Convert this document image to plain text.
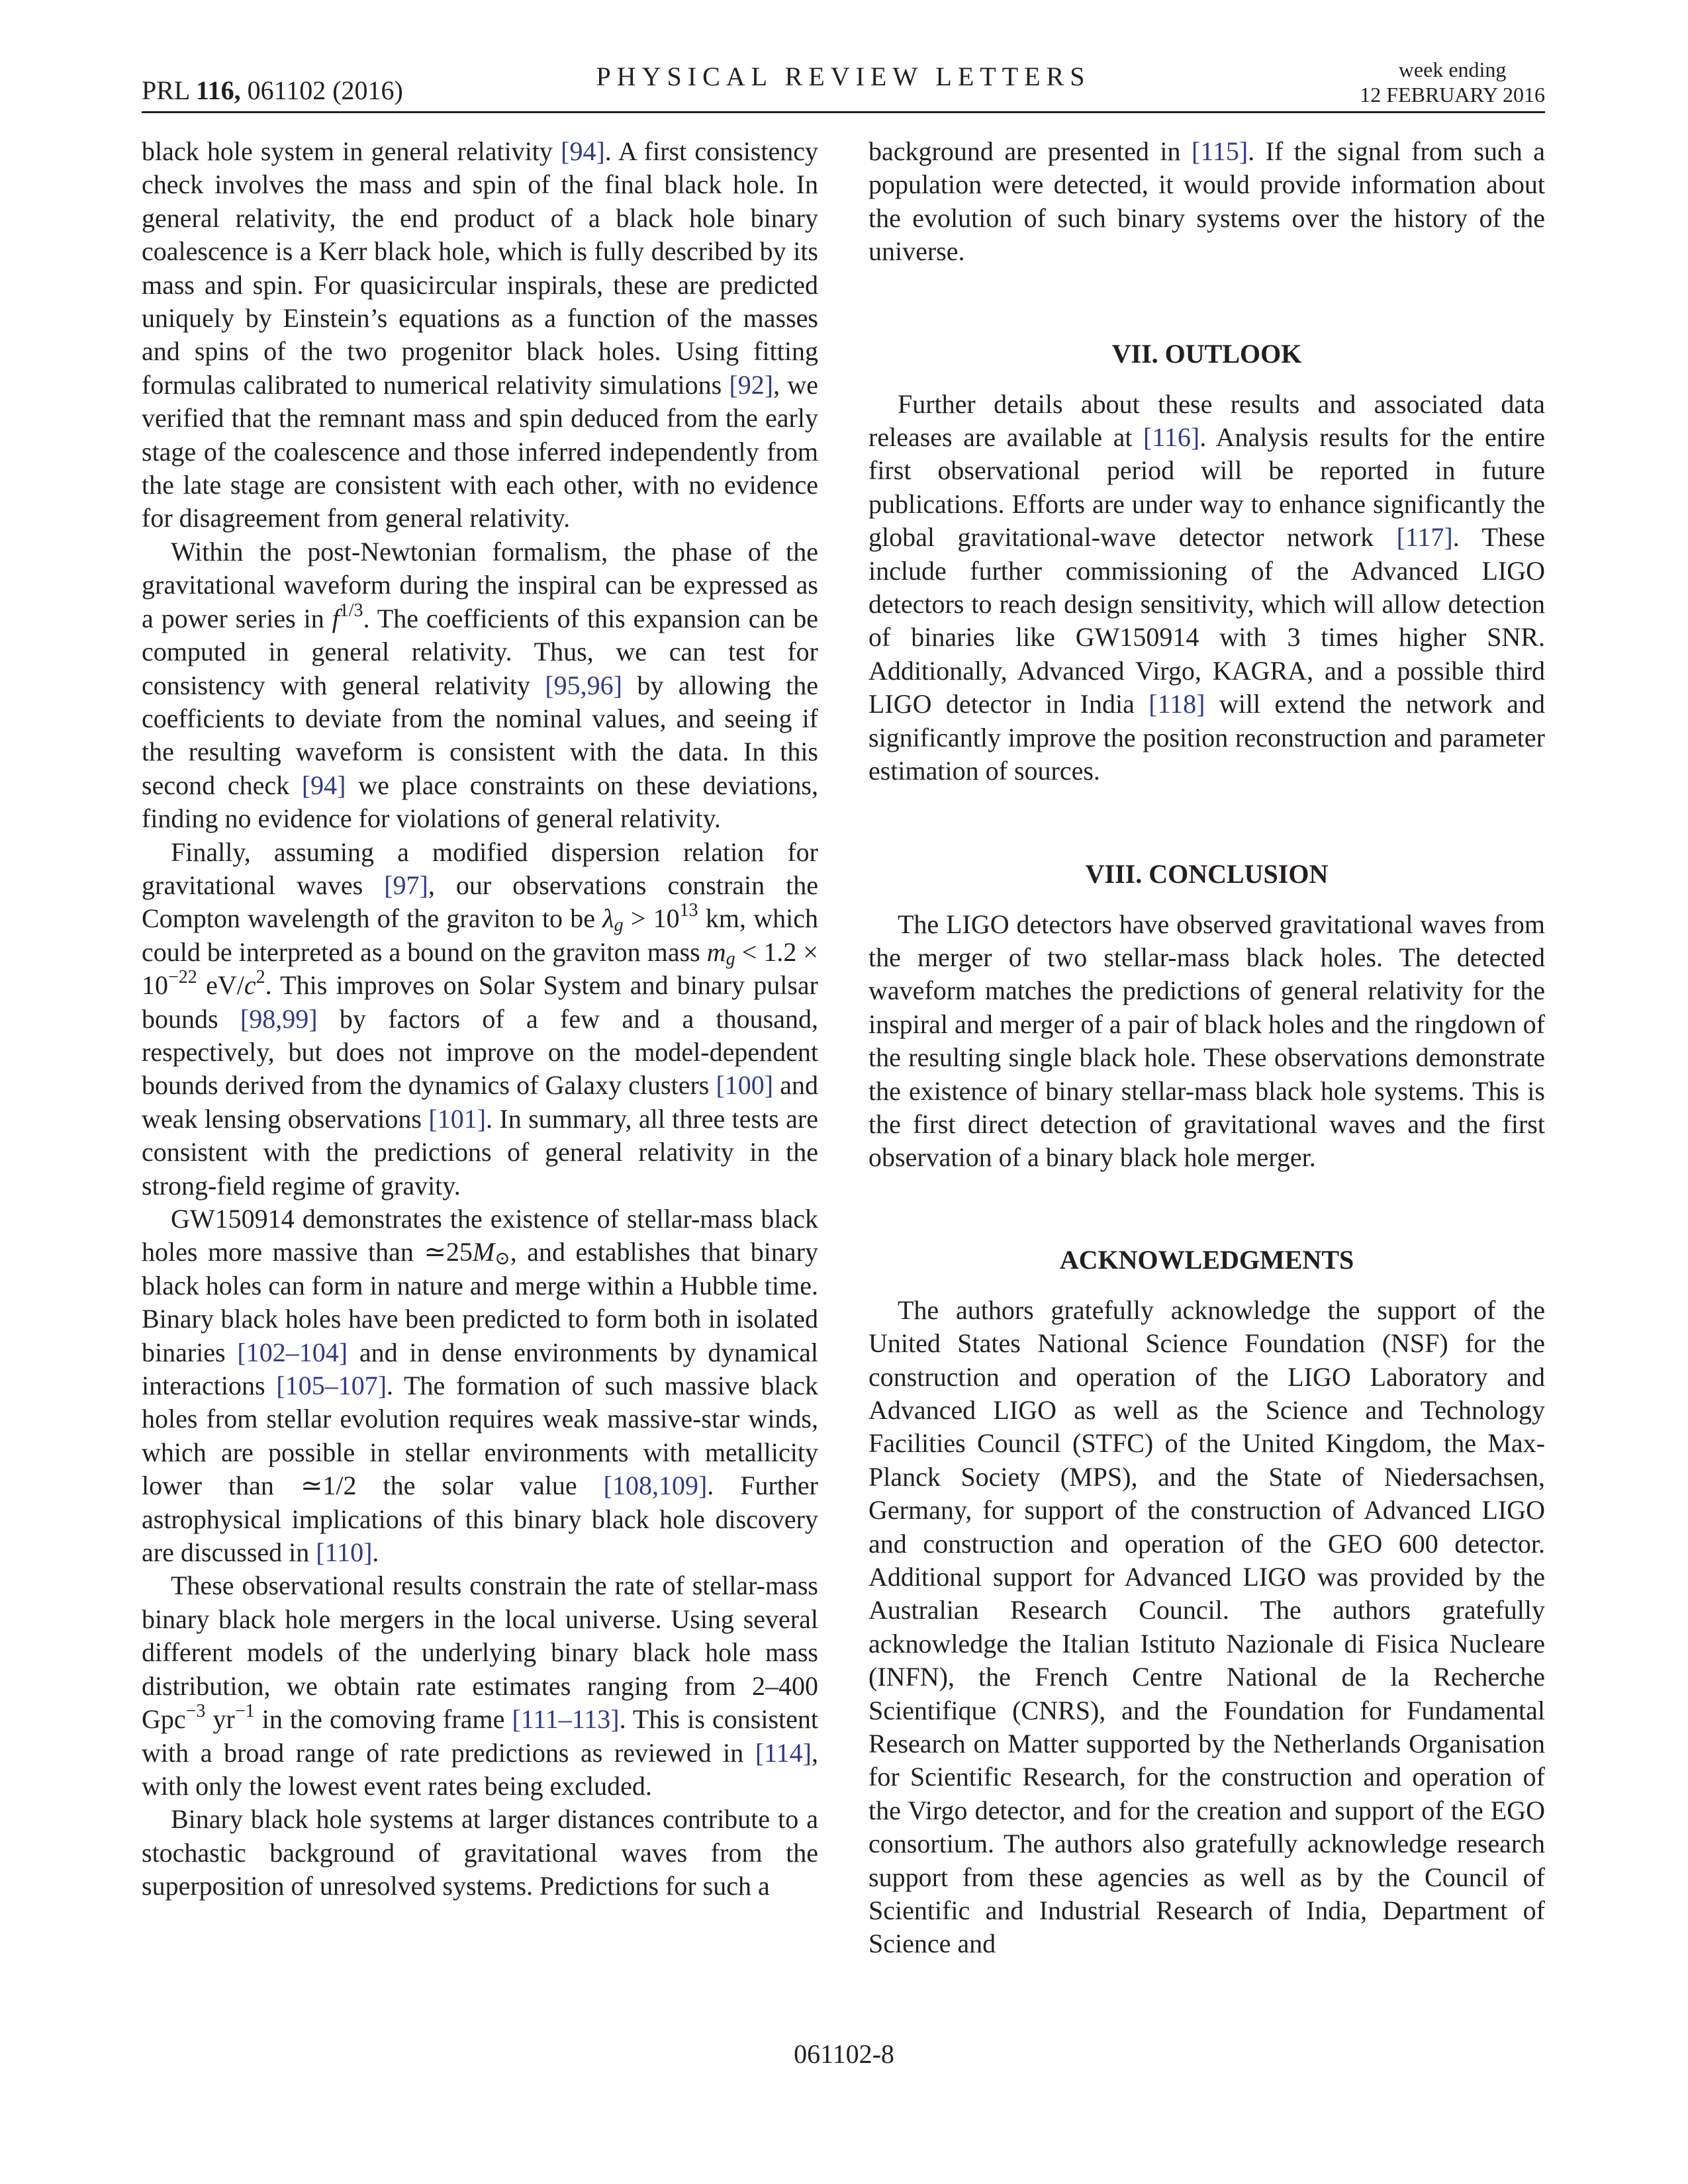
PRL 116, 061102 (2016)	PHYSICAL REVIEW LETTERS	week ending
12 FEBRUARY 2016

black hole system in general relativity [94]. A first consistency check involves the mass and spin of the final black hole. In general relativity, the end product of a black hole binary coalescence is a Kerr black hole, which is fully described by its mass and spin. For quasicircular inspirals, these are predicted uniquely by Einstein’s equations as a function of the masses and spins of the two progenitor black holes. Using fitting formulas calibrated to numerical relativity simulations [92], we verified that the remnant mass and spin deduced from the early stage of the coalescence and those inferred independently from the late stage are consistent with each other, with no evidence for disagreement from general relativity.

Within the post-Newtonian formalism, the phase of the gravitational waveform during the inspiral can be expressed as a power series in $f^{1/3}$. The coefficients of this expansion can be computed in general relativity. Thus, we can test for consistency with general relativity [95,96] by allowing the coefficients to deviate from the nominal values, and seeing if the resulting waveform is consistent with the data. In this second check [94] we place constraints on these deviations, finding no evidence for violations of general relativity.

Finally, assuming a modified dispersion relation for gravitational waves [97], our observations constrain the Compton wavelength of the graviton to be $\lambda_g > 10^{13}$ km, which could be interpreted as a bound on the graviton mass $m_g < 1.2 \times 10^{-22}$ $eV/c^2$. This improves on Solar System and binary pulsar bounds [98,99] by factors of a few and a thousand, respectively, but does not improve on the model-dependent bounds derived from the dynamics of Galaxy clusters [100] and weak lensing observations [101]. In summary, all three tests are consistent with the predictions of general relativity in the strong-field regime of gravity.

GW150914 demonstrates the existence of stellar-mass black holes more massive than $≃25M_⊙$, and establishes that binary black holes can form in nature and merge within a Hubble time. Binary black holes have been predicted to form both in isolated binaries [102–104] and in dense environments by dynamical interactions [105–107]. The formation of such massive black holes from stellar evolution requires weak massive-star winds, which are possible in stellar environments with metallicity lower than ≃1/2 the solar value [108,109]. Further astrophysical implications of this binary black hole discovery are discussed in [110].

These observational results constrain the rate of stellar-mass binary black hole mergers in the local universe. Using several different models of the underlying binary black hole mass distribution, we obtain rate estimates ranging from 2–400 Gpc$^{-3}$ $yr^{-1}$ in the comoving frame [111–113]. This is consistent with a broad range of rate predictions as reviewed in [114], with only the lowest event rates being excluded.

Binary black hole systems at larger distances contribute to a stochastic background of gravitational waves from the superposition of unresolved systems. Predictions for such a

background are presented in [115]. If the signal from such a population were detected, it would provide information about the evolution of such binary systems over the history of the universe.

VII. OUTLOOK

Further details about these results and associated data releases are available at [116]. Analysis results for the entire first observational period will be reported in future publications. Efforts are under way to enhance significantly the global gravitational-wave detector network [117]. These include further commissioning of the Advanced LIGO detectors to reach design sensitivity, which will allow detection of binaries like GW150914 with 3 times higher SNR. Additionally, Advanced Virgo, KAGRA, and a possible third LIGO detector in India [118] will extend the network and significantly improve the position reconstruction and parameter estimation of sources.

VIII. CONCLUSION

The LIGO detectors have observed gravitational waves from the merger of two stellar-mass black holes. The detected waveform matches the predictions of general relativity for the inspiral and merger of a pair of black holes and the ringdown of the resulting single black hole. These observations demonstrate the existence of binary stellar-mass black hole systems. This is the first direct detection of gravitational waves and the first observation of a binary black hole merger.

ACKNOWLEDGMENTS

The authors gratefully acknowledge the support of the United States National Science Foundation (NSF) for the construction and operation of the LIGO Laboratory and Advanced LIGO as well as the Science and Technology Facilities Council (STFC) of the United Kingdom, the Max-Planck Society (MPS), and the State of Niedersachsen, Germany, for support of the construction of Advanced LIGO and construction and operation of the GEO 600 detector. Additional support for Advanced LIGO was provided by the Australian Research Council. The authors gratefully acknowledge the Italian Istituto Nazionale di Fisica Nucleare (INFN), the French Centre National de la Recherche Scientifique (CNRS), and the Foundation for Fundamental Research on Matter supported by the Netherlands Organisation for Scientific Research, for the construction and operation of the Virgo detector, and for the creation and support of the EGO consortium. The authors also gratefully acknowledge research support from these agencies as well as by the Council of Scientific and Industrial Research of India, Department of Science and

061102-8
